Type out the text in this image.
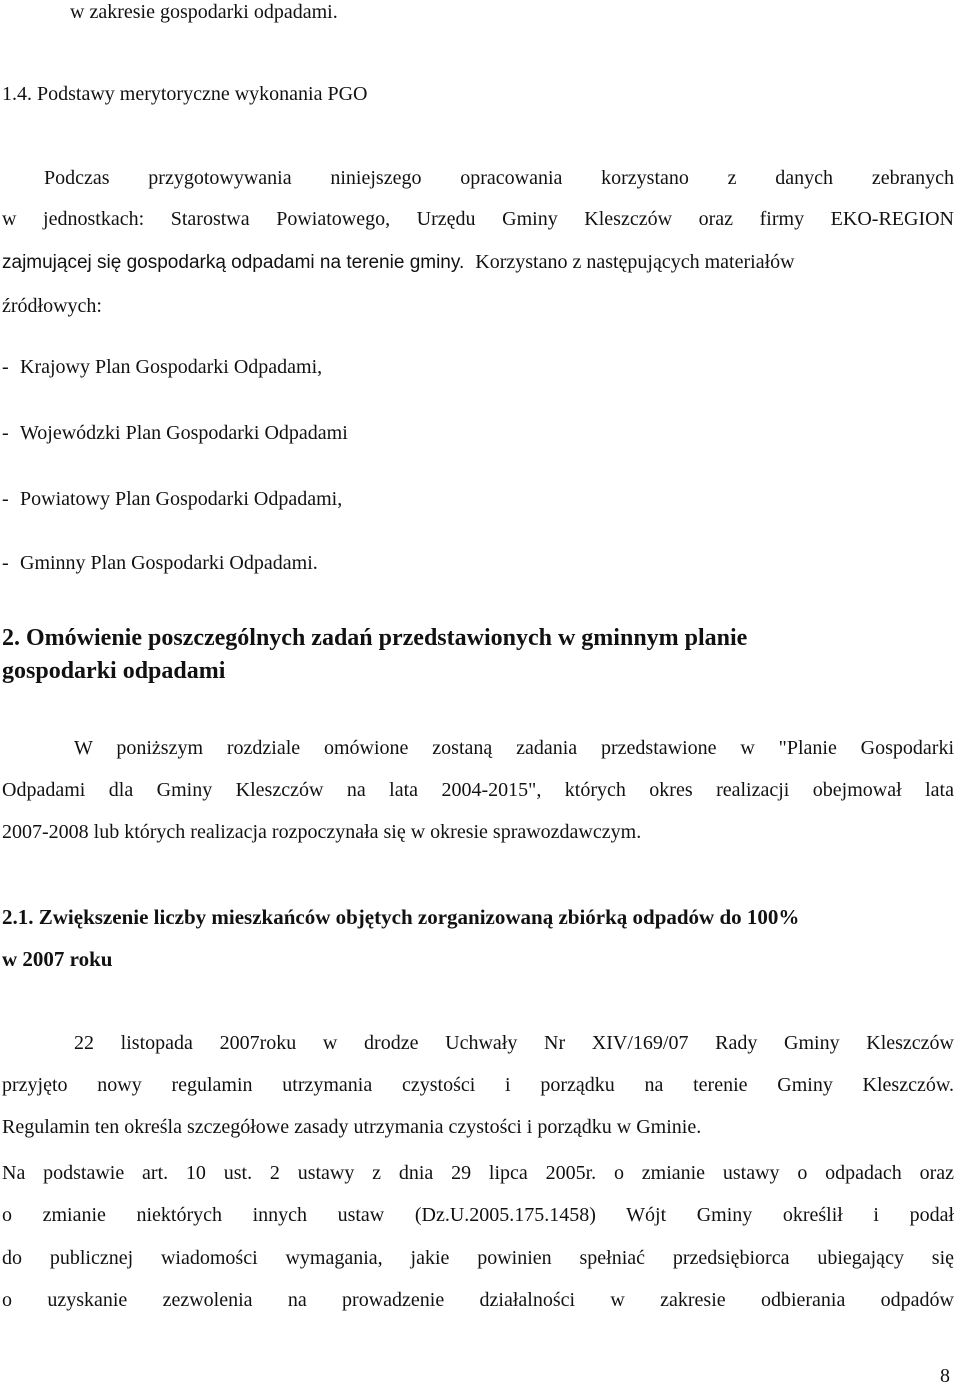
w zakresie gospodarki odpadami.
1.4. Podstawy merytoryczne wykonania PGO
Podczas przygotowywania niniejszego opracowania korzystano z danych zebranych
w jednostkach: Starostwa Powiatowego, Urzędu Gminy Kleszczów oraz firmy EKO-REGION
zajmującej się gospodarką odpadami na terenie gminy. Korzystano z następujących materiałów
źródłowych:
- Krajowy Plan Gospodarki Odpadami,
- Wojewódzki Plan Gospodarki Odpadami
- Powiatowy Plan Gospodarki Odpadami,
- Gminny Plan Gospodarki Odpadami.
2. Omówienie poszczególnych zadań przedstawionych w gminnym planie
gospodarki odpadami
W poniższym rozdziale omówione zostaną zadania przedstawione w "Planie Gospodarki
Odpadami dla Gminy Kleszczów na lata 2004-2015", których okres realizacji obejmował lata
2007-2008 lub których realizacja rozpoczynała się w okresie sprawozdawczym.
2.1. Zwiększenie liczby mieszkańców objętych zorganizowaną zbiórką odpadów do 100%
w 2007 roku
22 listopada 2007roku w drodze Uchwały Nr XIV/169/07 Rady Gminy Kleszczów
przyjęto nowy regulamin utrzymania czystości i porządku na terenie Gminy Kleszczów.
Regulamin ten określa szczegółowe zasady utrzymania czystości i porządku w Gminie.
Na podstawie art. 10 ust. 2 ustawy z dnia 29 lipca 2005r. o zmianie ustawy o odpadach oraz
o zmianie niektórych innych ustaw (Dz.U.2005.175.1458) Wójt Gminy określił i podał
do publicznej wiadomości wymagania, jakie powinien spełniać przedsiębiorca ubiegający się
o uzyskanie zezwolenia na prowadzenie działalności w zakresie odbierania odpadów
8
